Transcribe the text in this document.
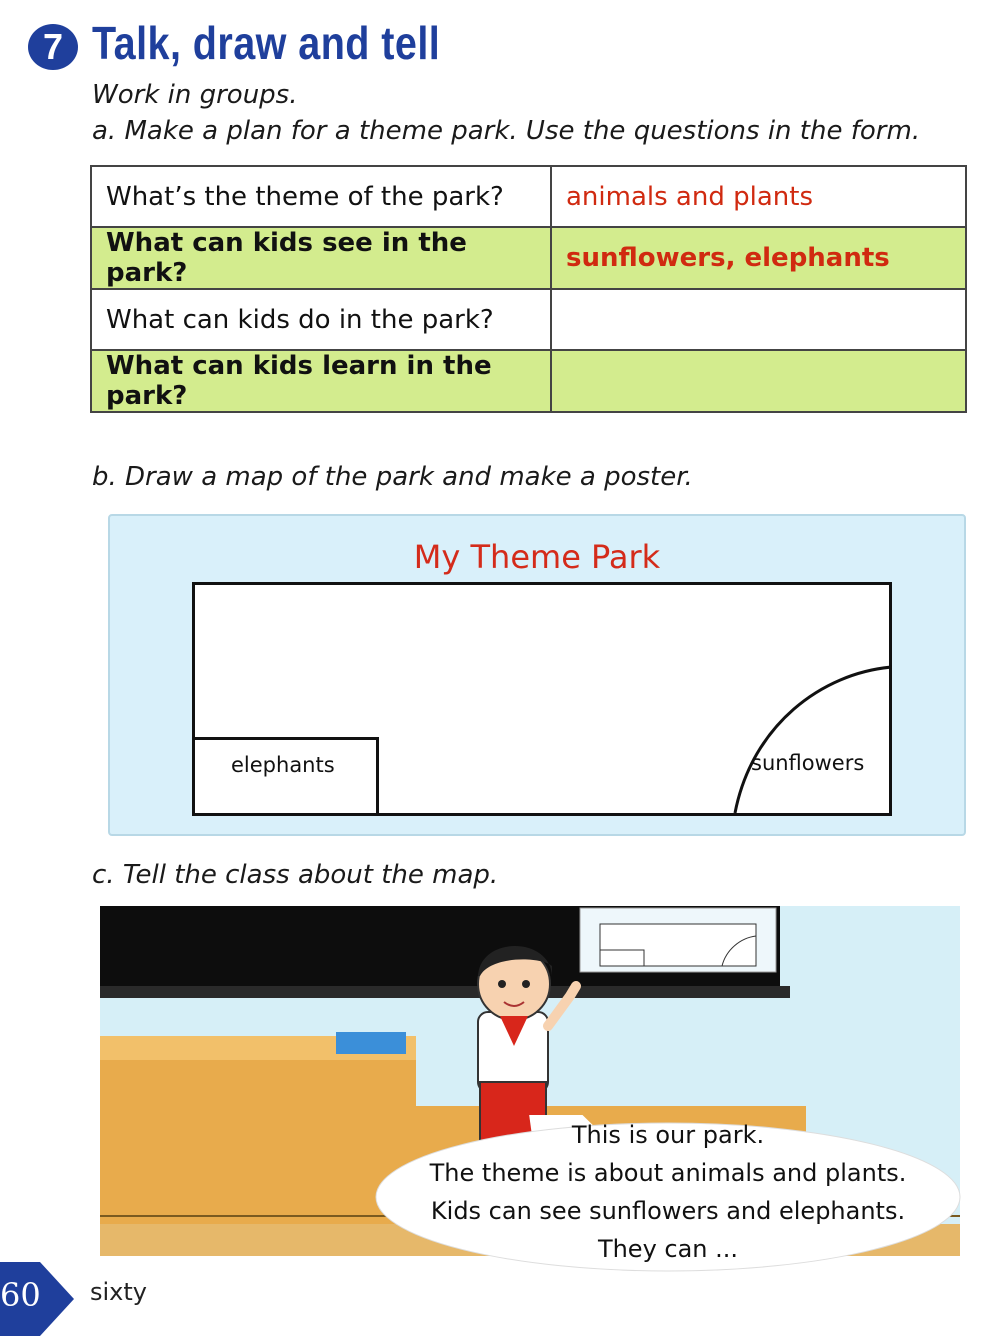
7 Talk, draw and tell
Work in groups.
a. Make a plan for a theme park. Use the questions in the form.
What’s the theme of the park?	animals and plants
What can kids see in the park?	sunflowers, elephants
What can kids do in the park?	
What can kids learn in the park?	
b. Draw a map of the park and make a poster.
My Theme Park
elephants	sunflowers
c. Tell the class about the map.
This is our park.
The theme is about animals and plants.
Kids can see sunflowers and elephants.
They can ...
60 sixty
